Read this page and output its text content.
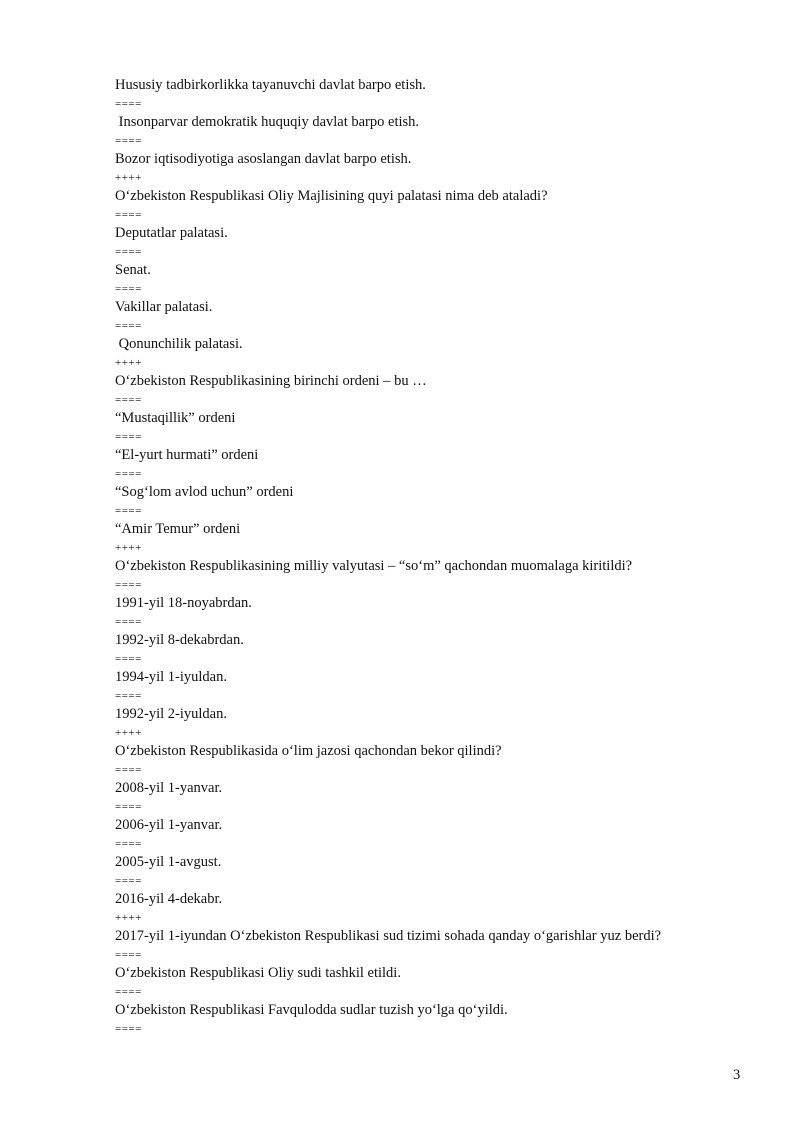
Hususiy tadbirkorlikka tayanuvchi davlat barpo etish.
====
Insonparvar demokratik huquqiy davlat barpo etish.
====
Bozor iqtisodiyotiga asoslangan davlat barpo etish.
++++
O‘zbekiston Respublikasi Oliy Majlisining quyi palatasi nima deb ataladi?
====
Deputatlar palatasi.
====
Senat.
====
Vakillar palatasi.
====
Qonunchilik palatasi.
++++
O‘zbekiston Respublikasining birinchi ordeni – bu …
====
“Mustaqillik” ordeni
====
“El-yurt hurmati” ordeni
====
“Sog‘lom avlod uchun” ordeni
====
“Amir Temur” ordeni
++++
O‘zbekiston Respublikasining milliy valyutasi – “so‘m” qachondan muomalaga kiritildi?
====
1991-yil 18-noyabrdan.
====
1992-yil 8-dekabrdan.
====
1994-yil 1-iyuldan.
====
1992-yil 2-iyuldan.
++++
O‘zbekiston Respublikasida o‘lim jazosi qachondan bekor qilindi?
====
2008-yil 1-yanvar.
====
2006-yil 1-yanvar.
====
2005-yil 1-avgust.
====
2016-yil 4-dekabr.
++++
2017-yil 1-iyundan O‘zbekiston Respublikasi sud tizimi sohada qanday o‘garishlar yuz berdi?
====
O‘zbekiston Respublikasi Oliy sudi tashkil etildi.
====
O‘zbekiston Respublikasi Favqulodda sudlar tuzish yo‘lga qo‘yildi.
====
3
